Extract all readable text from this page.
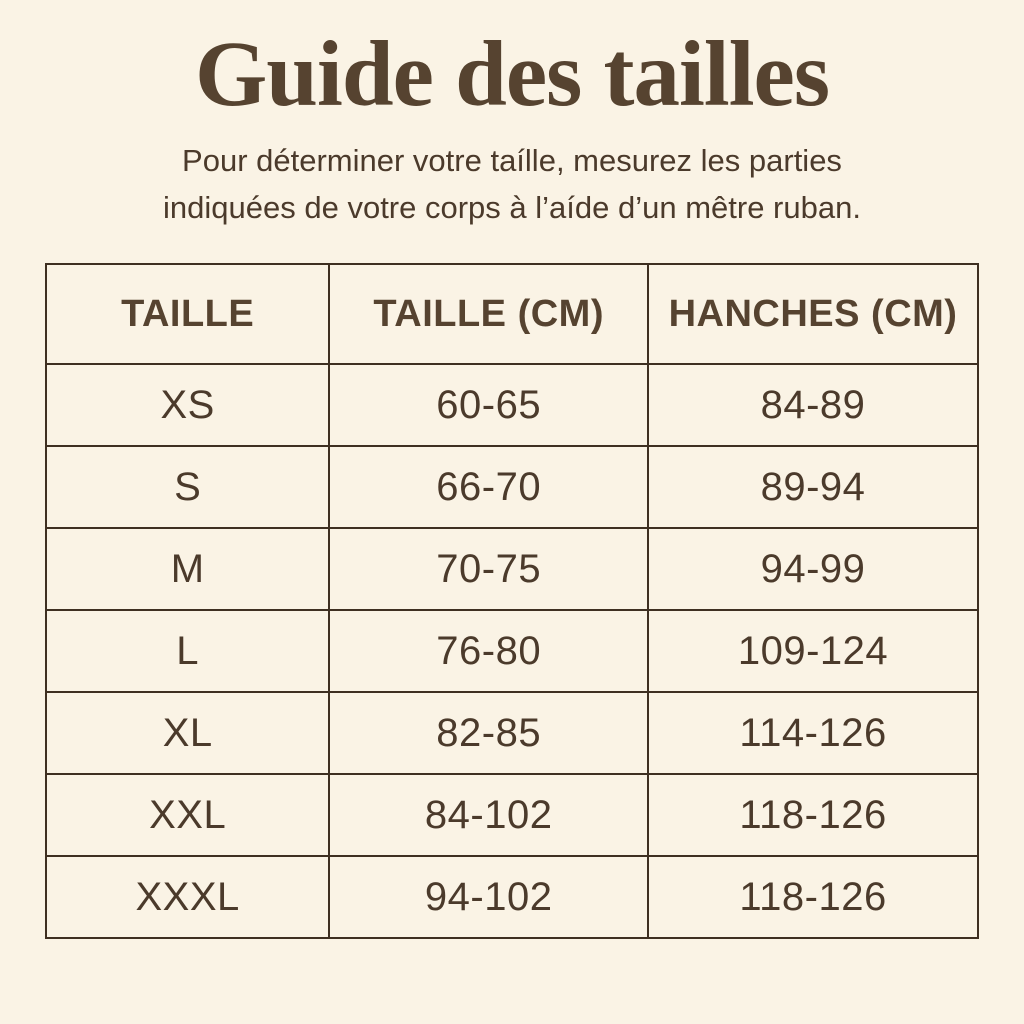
Guide des tailles

Pour déterminer votre taílle, mesurez les parties
indiquées de votre corps à l’aíde d’un mêtre ruban.

TAILLE	TAILLE (CM)	HANCHES (CM)
XS	60-65	84-89
S	66-70	89-94
M	70-75	94-99
L	76-80	109-124
XL	82-85	114-126
XXL	84-102	118-126
XXXL	94-102	118-126
